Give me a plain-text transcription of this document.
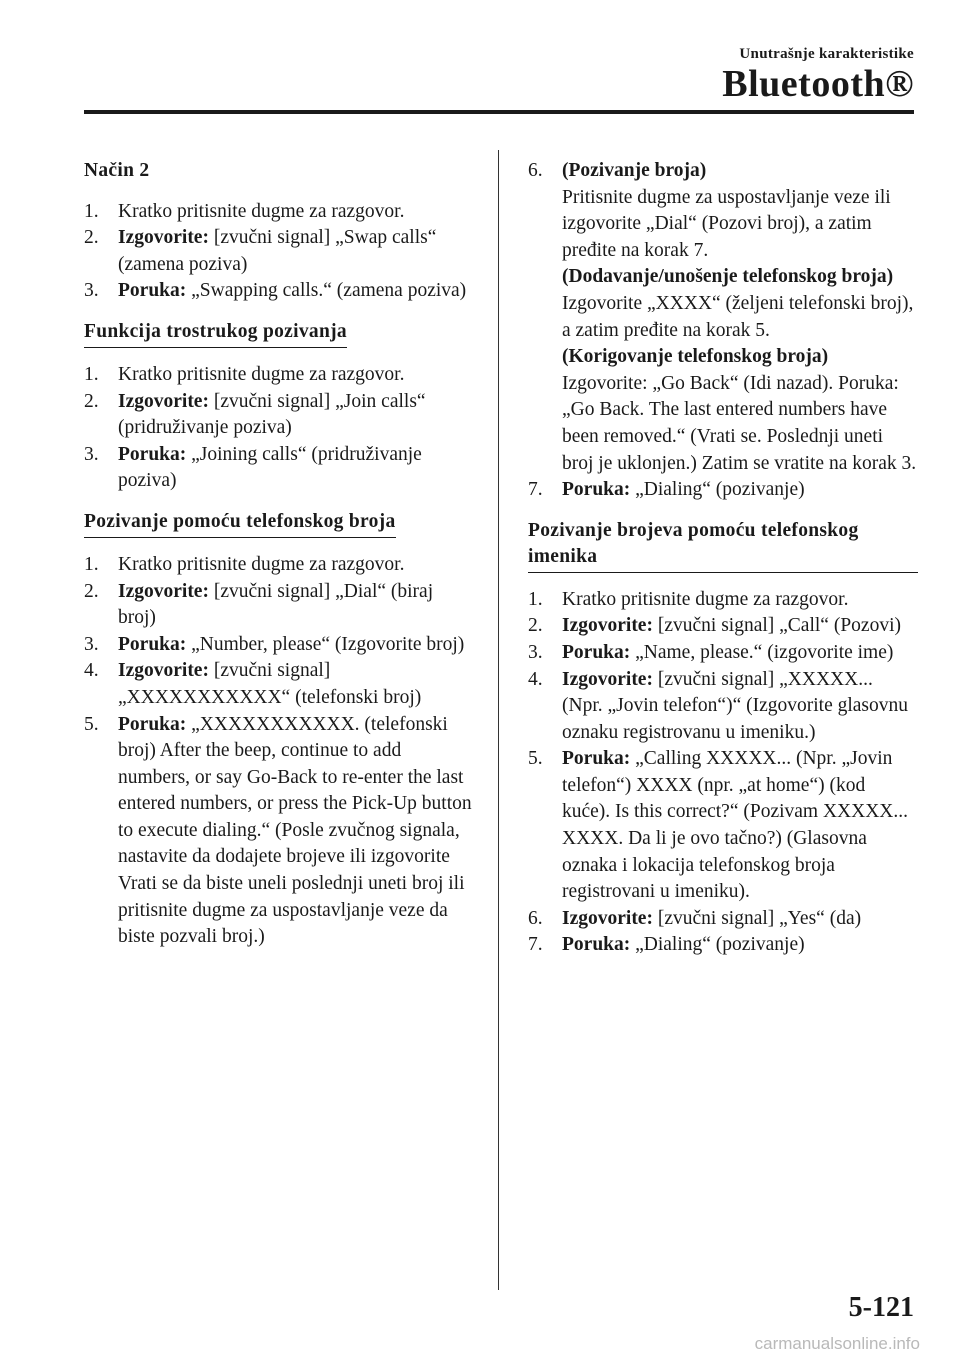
Unutrašnje karakteristike
Bluetooth®
Način 2
1. Kratko pritisnite dugme za razgovor.
2. Izgovorite: [zvučni signal] „Swap calls“ (zamena poziva)
3. Poruka: „Swapping calls.“ (zamena poziva)
Funkcija trostrukog pozivanja
1. Kratko pritisnite dugme za razgovor.
2. Izgovorite: [zvučni signal] „Join calls“ (pridruživanje poziva)
3. Poruka: „Joining calls“ (pridruživanje poziva)
Pozivanje pomoću telefonskog broja
1. Kratko pritisnite dugme za razgovor.
2. Izgovorite: [zvučni signal] „Dial“ (biraj broj)
3. Poruka: „Number, please“ (Izgovorite broj)
4. Izgovorite: [zvučni signal] „XXXXXXXXXXX“ (telefonski broj)
5. Poruka: „XXXXXXXXXXX. (telefonski broj) After the beep, continue to add numbers, or say Go-Back to re-enter the last entered numbers, or press the Pick-Up button to execute dialing.“ (Posle zvučnog signala, nastavite da dodajete brojeve ili izgovorite Vrati se da biste uneli poslednji uneti broj ili pritisnite dugme za uspostavljanje veze da biste pozvali broj.)
6. (Pozivanje broja)
Pritisnite dugme za uspostavljanje veze ili izgovorite „Dial“ (Pozovi broj), a zatim pređite na korak 7.
(Dodavanje/unošenje telefonskog broja)
Izgovorite „XXXX“ (željeni telefonski broj), a zatim pređite na korak 5.
(Korigovanje telefonskog broja)
Izgovorite: „Go Back“ (Idi nazad). Poruka: „Go Back. The last entered numbers have been removed.“ (Vrati se. Poslednji uneti broj je uklonjen.) Zatim se vratite na korak 3.
7. Poruka: „Dialing“ (pozivanje)
Pozivanje brojeva pomoću telefonskog imenika
1. Kratko pritisnite dugme za razgovor.
2. Izgovorite: [zvučni signal] „Call“ (Pozovi)
3. Poruka: „Name, please.“ (izgovorite ime)
4. Izgovorite: [zvučni signal] „XXXXX... (Npr. „Jovin telefon“)“ (Izgovorite glasovnu oznaku registrovanu u imeniku.)
5. Poruka: „Calling XXXXX... (Npr. „Jovin telefon“) XXXX (npr. „at home“) (kod kuće). Is this correct?“ (Pozivam XXXXX... XXXX. Da li je ovo tačno?) (Glasovna oznaka i lokacija telefonskog broja registrovani u imeniku).
6. Izgovorite: [zvučni signal] „Yes“ (da)
7. Poruka: „Dialing“ (pozivanje)
5-121
carmanualsonline.info
